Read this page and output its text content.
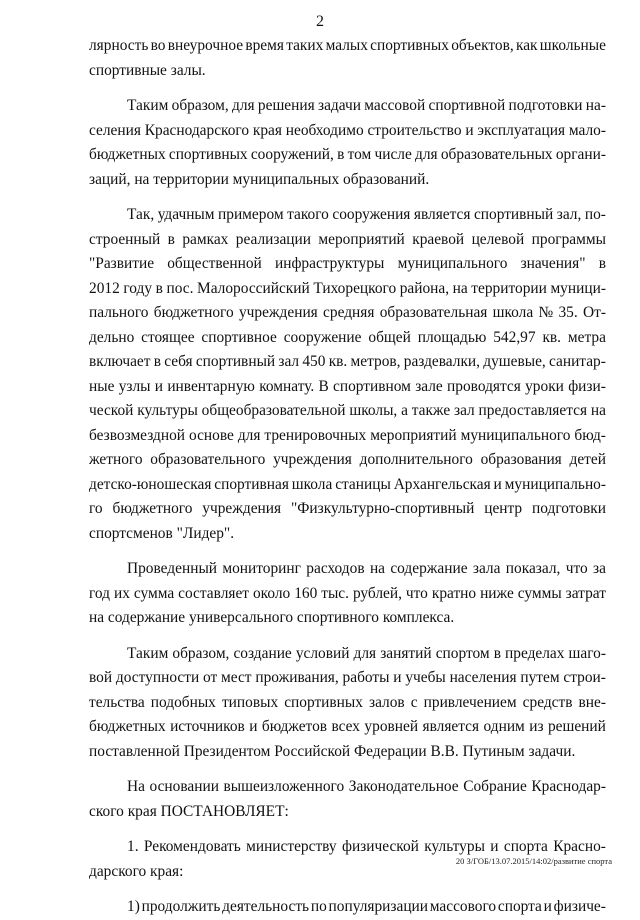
2
лярность во внеурочное время таких малых спортивных объектов, как школьные
спортивные залы.
Таким образом, для решения задачи массовой спортивной подготовки на-
селения Краснодарского края необходимо строительство и эксплуатация мало-
бюджетных спортивных сооружений, в том числе для образовательных органи-
заций, на территории муниципальных образований.
Так, удачным примером такого сооружения является спортивный зал, по-
строенный в рамках реализации мероприятий краевой целевой программы
"Развитие общественной инфраструктуры муниципального значения" в
2012 году в пос. Малороссийский Тихорецкого района, на территории муници-
пального бюджетного учреждения средняя образовательная школа № 35. От-
дельно стоящее спортивное сооружение общей площадью 542,97 кв. метра
включает в себя спортивный зал 450 кв. метров, раздевалки, душевые, санитар-
ные узлы и инвентарную комнату. В спортивном зале проводятся уроки физи-
ческой культуры общеобразовательной школы, а также зал предоставляется на
безвозмездной основе для тренировочных мероприятий муниципального бюд-
жетного образовательного учреждения дополнительного образования детей
детско-юношеская спортивная школа станицы Архангельская и муниципально-
го бюджетного учреждения "Физкультурно-спортивный центр подготовки
спортсменов "Лидер".
Проведенный мониторинг расходов на содержание зала показал, что за
год их сумма составляет около 160 тыс. рублей, что кратно ниже суммы затрат
на содержание универсального спортивного комплекса.
Таким образом, создание условий для занятий спортом в пределах шаго-
вой доступности от мест проживания, работы и учебы населения путем строи-
тельства подобных типовых спортивных залов с привлечением средств вне-
бюджетных источников и бюджетов всех уровней является одним из решений
поставленной Президентом Российской Федерации В.В. Путиным задачи.
На основании вышеизложенного Законодательное Собрание Краснодар-
ского края ПОСТАНОВЛЯЕТ:
1. Рекомендовать министерству физической культуры и спорта Красно-
дарского края:
1) продолжить деятельность по популяризации массового спорта и физиче-
20 З/ГОБ/13.07.2015/14:02/развитие спорта
